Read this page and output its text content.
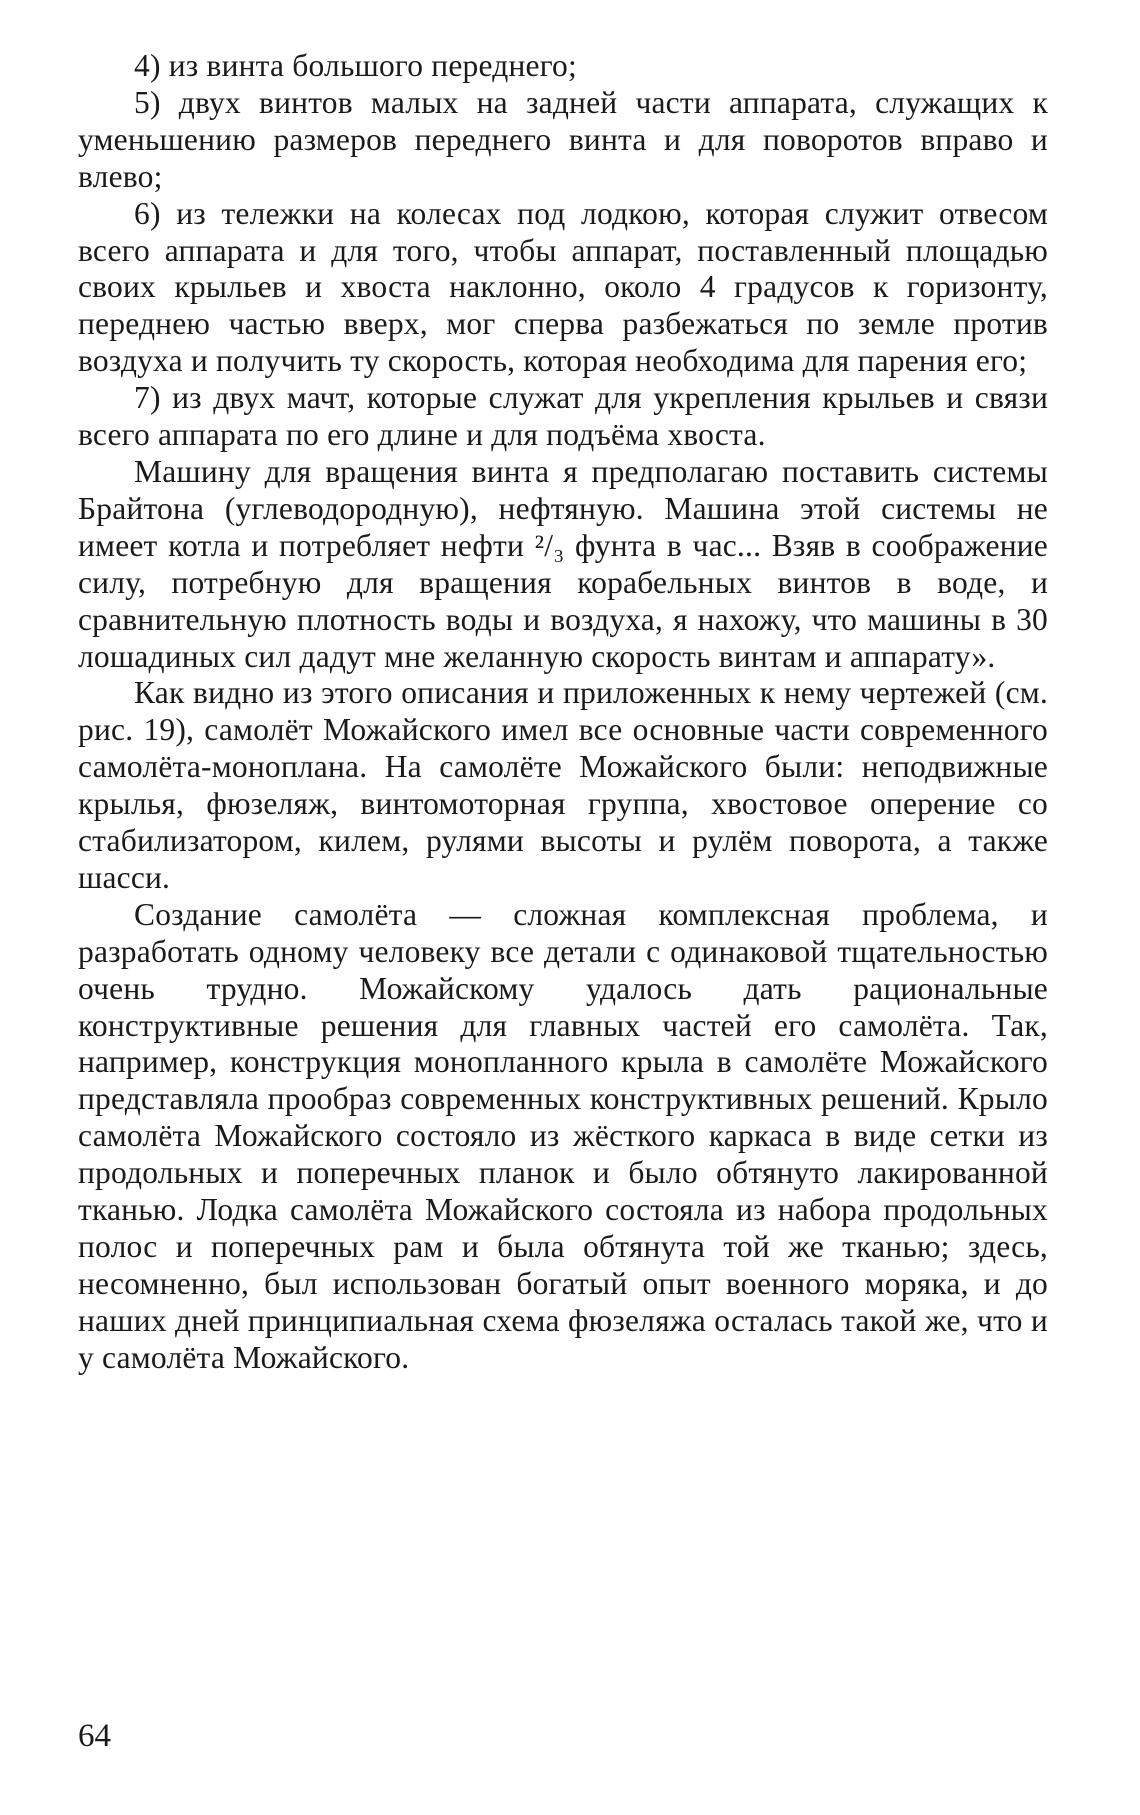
4) из винта большого переднего;

5) двух винтов малых на задней части аппарата, служащих к уменьшению размеров переднего винта и для поворотов вправо и влево;

6) из тележки на колесах под лодкою, которая служит отвесом всего аппарата и для того, чтобы аппарат, поставленный площадью своих крыльев и хвоста наклонно, около 4 градусов к горизонту, переднею частью вверх, мог сперва разбежаться по земле против воздуха и получить ту скорость, которая необходима для парения его;

7) из двух мачт, которые служат для укрепления крыльев и связи всего аппарата по его длине и для подъёма хвоста.

Машину для вращения винта я предполагаю поставить системы Брайтона (углеводородную), нефтяную. Машина этой системы не имеет котла и потребляет нефти ²/₃ фунта в час... Взяв в соображение силу, потребную для вращения корабельных винтов в воде, и сравнительную плотность воды и воздуха, я нахожу, что машины в 30 лошадиных сил дадут мне желанную скорость винтам и аппарату».

Как видно из этого описания и приложенных к нему чертежей (см. рис. 19), самолёт Можайского имел все основные части современного самолёта-моноплана. На самолёте Можайского были: неподвижные крылья, фюзеляж, винтомоторная группа, хвостовое оперение со стабилизатором, килем, рулями высоты и рулём поворота, а также шасси.

Создание самолёта — сложная комплексная проблема, и разработать одному человеку все детали с одинаковой тщательностью очень трудно. Можайскому удалось дать рациональные конструктивные решения для главных частей его самолёта. Так, например, конструкция монопланного крыла в самолёте Можайского представляла прообраз современных конструктивных решений. Крыло самолёта Можайского состояло из жёсткого каркаса в виде сетки из продольных и поперечных планок и было обтянуто лакированной тканью. Лодка самолёта Можайского состояла из набора продольных полос и поперечных рам и была обтянута той же тканью; здесь, несомненно, был использован богатый опыт военного моряка, и до наших дней принципиальная схема фюзеляжа осталась такой же, что и у самолёта Можайского.

64
